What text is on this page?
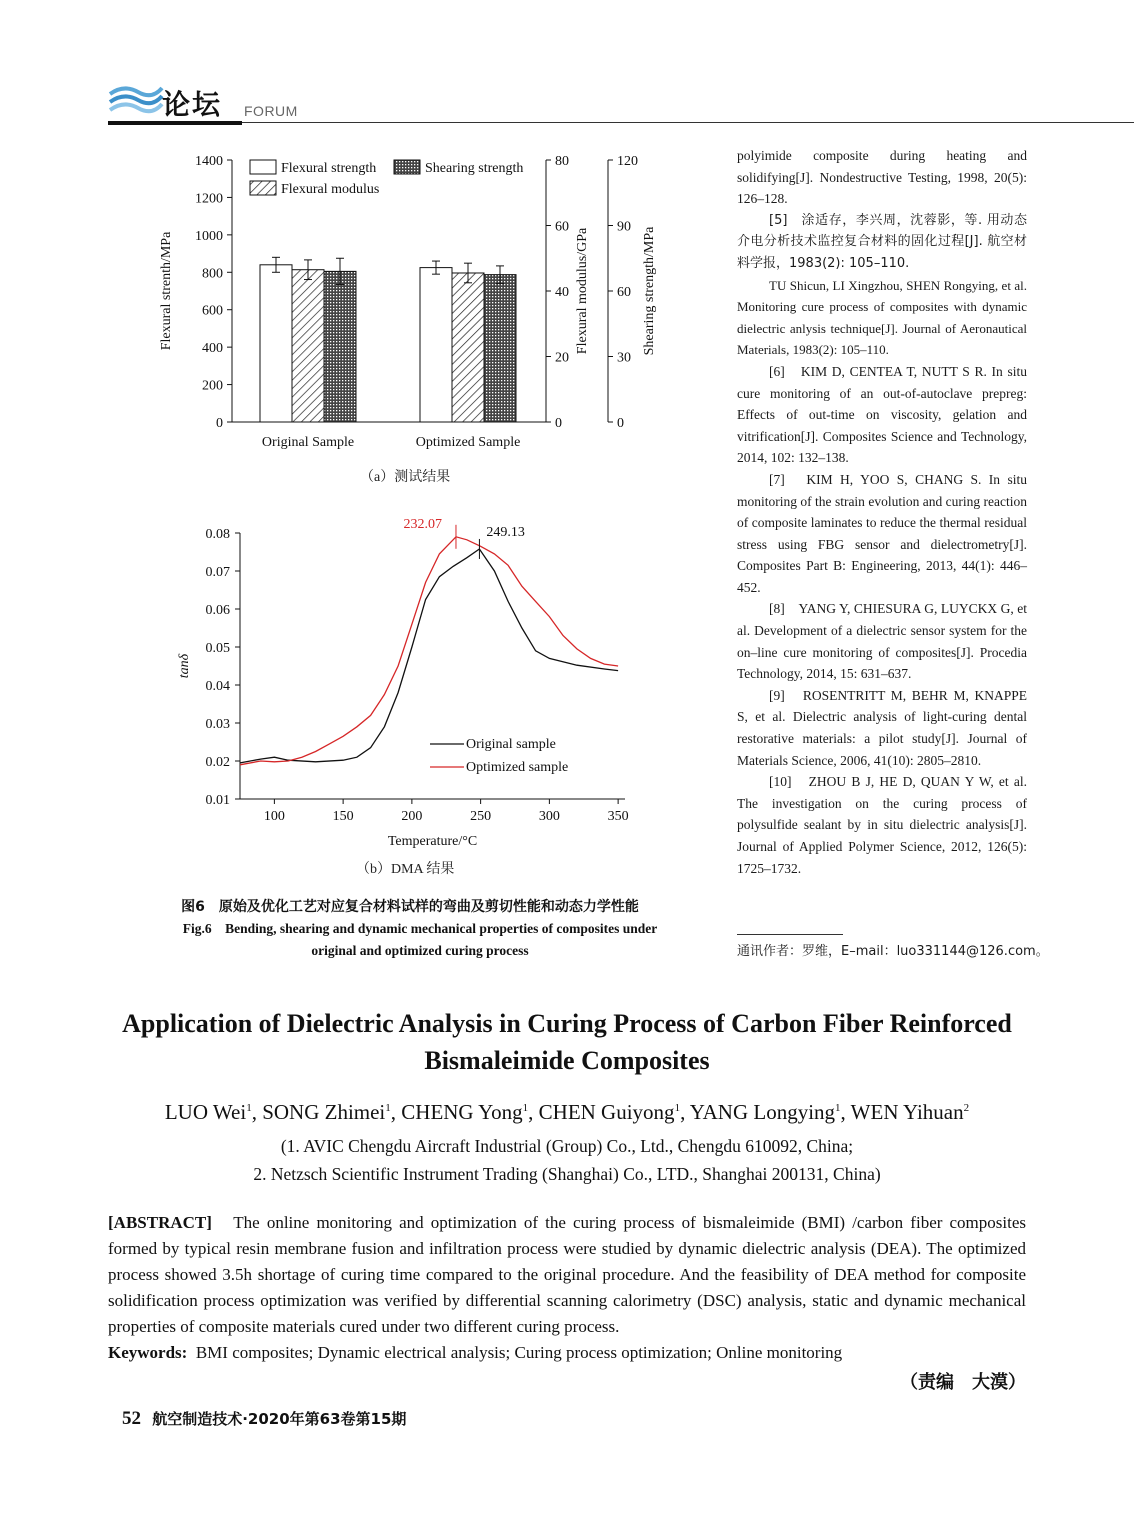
论坛 FORUM
0
200
400
600
800
1000
1200
1400
Flexural strenth/MPa
0
20
40
60
80
Flexural modulus/GPa
0
30
60
90
120
Shearing strength/MPa
Original Sample	Optimized Sample
Flexural strength	Shearing strength
Flexural modulus
（a）测试结果
0.01
0.02
0.03
0.04
0.05
0.06
0.07
0.08
100	150	200	250	300	350
Temperature/°C
tanδ
232.07
249.13
Original sample
Optimized sample
（b）DMA 结果
图6　原始及优化工艺对应复合材料试样的弯曲及剪切性能和动态力学性能
Fig.6　Bending, shearing and dynamic mechanical properties of composites under
original and optimized curing process

polyimide composite during heating and solidifying[J]. Nondestructive Testing, 1998, 20(5): 126–128.

[5]　涂适存，李兴周，沈蓉影，等. 用动态介电分析技术监控复合材料的固化过程[J]. 航空材料学报，1983(2): 105–110.

TU Shicun, LI Xingzhou, SHEN Rongying, et al. Monitoring cure process of composites with dynamic dielectric anlysis technique[J]. Journal of Aeronautical Materials, 1983(2): 105–110.

[6]　KIM D, CENTEA T, NUTT S R. In situ cure monitoring of an out-of-autoclave prepreg: Effects of out-time on viscosity, gelation and vitrification[J]. Composites Science and Technology, 2014, 102: 132–138.

[7]　KIM H, YOO S, CHANG S. In situ monitoring of the strain evolution and curing reaction of composite laminates to reduce the thermal residual stress using FBG sensor and dielectrometry[J]. Composites Part B: Engineering, 2013, 44(1): 446–452.

[8]　YANG Y, CHIESURA G, LUYCKX G, et al. Development of a dielectric sensor system for the on–line cure monitoring of composites[J]. Procedia Technology, 2014, 15: 631–637.

[9]　ROSENTRITT M, BEHR M, KNAPPE S, et al. Dielectric analysis of light-curing dental restorative materials: a pilot study[J]. Journal of Materials Science, 2006, 41(10): 2805–2810.

[10]　ZHOU B J, HE D, QUAN Y W, et al. The investigation on the curing process of polysulfide sealant by in situ dielectric analysis[J]. Journal of Applied Polymer Science, 2012, 126(5): 1725–1732.

通讯作者：罗维，E–mail：luo331144@126.com。
Application of Dielectric Analysis in Curing Process of Carbon Fiber Reinforced
Bismaleimide Composites
LUO Wei$^1$, SONG Zhimei$^1$, CHENG Yong$^1$, CHEN Guiyong$^1$, YANG Longying$^1$, WEN Yihuan$^2$
(1. AVIC Chengdu Aircraft Industrial (Group) Co., Ltd., Chengdu 610092, China;
2. Netzsch Scientific Instrument Trading (Shanghai) Co., LTD., Shanghai 200131, China)
[ABSTRACT] The online monitoring and optimization of the curing process of bismaleimide (BMI) /carbon fiber composites formed by typical resin membrane fusion and infiltration process were studied by dynamic dielectric analysis (DEA). The optimized process showed 3.5h shortage of curing time compared to the original procedure. And the feasibility of DEA method for composite solidification process optimization was verified by differential scanning calorimetry (DSC) analysis, static and dynamic mechanical properties of composite materials cured under two different curing process.
Keywords: BMI composites; Dynamic electrical analysis; Curing process optimization; Online monitoring
（责编　大漠）
52 航空制造技术·2020年第63卷第15期
